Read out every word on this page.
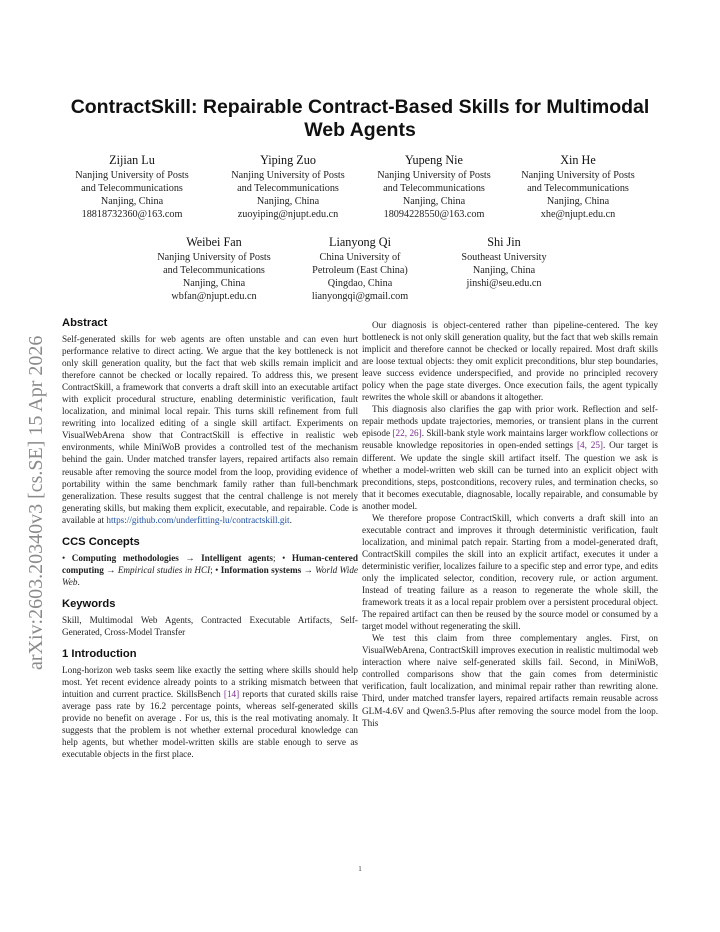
arXiv:2603.20340v3 [cs.SE] 15 Apr 2026
ContractSkill: Repairable Contract-Based Skills for Multimodal Web Agents
Zijian Lu
Nanjing University of Posts
and Telecommunications
Nanjing, China
18818732360@163.com
Yiping Zuo
Nanjing University of Posts
and Telecommunications
Nanjing, China
zuoyiping@njupt.edu.cn
Yupeng Nie
Nanjing University of Posts
and Telecommunications
Nanjing, China
18094228550@163.com
Xin He
Nanjing University of Posts
and Telecommunications
Nanjing, China
xhe@njupt.edu.cn
Weibei Fan
Nanjing University of Posts
and Telecommunications
Nanjing, China
wbfan@njupt.edu.cn
Lianyong Qi
China University of
Petroleum (East China)
Qingdao, China
lianyongqi@gmail.com
Shi Jin
Southeast University
Nanjing, China
jinshi@seu.edu.cn
Abstract

Self-generated skills for web agents are often unstable and can even hurt performance relative to direct acting. We argue that the key bottleneck is not only skill generation quality, but the fact that web skills remain implicit and therefore cannot be checked or locally repaired. To address this, we present ContractSkill, a framework that converts a draft skill into an executable artifact with explicit procedural structure, enabling deterministic verification, fault localization, and minimal local repair. This turns skill refinement from full rewriting into localized editing of a single skill artifact. Experiments on VisualWebArena show that ContractSkill is effective in realistic web environments, while MiniWoB provides a controlled test of the mechanism behind the gain. Under matched transfer layers, repaired artifacts also remain reusable after removing the source model from the loop, providing evidence of portability within the same benchmark family rather than full-benchmark generalization. These results suggest that the central challenge is not merely generating skills, but making them explicit, executable, and repairable. Code is available at https://github.com/underfitting-lu/contractskill.git.

CCS Concepts

• Computing methodologies → Intelligent agents; • Human-centered computing → Empirical studies in HCI; • Information systems → World Wide Web.

Keywords

Skill, Multimodal Web Agents, Contracted Executable Artifacts, Self-Generated, Cross-Model Transfer

1 Introduction

Long-horizon web tasks seem like exactly the setting where skills should help most. Yet recent evidence already points to a striking mismatch between that intuition and current practice. SkillsBench [14] reports that curated skills raise average pass rate by 16.2 percentage points, whereas self-generated skills provide no benefit on average . For us, this is the real motivating anomaly. It suggests that the problem is not whether external procedural knowledge can help agents, but whether model-written skills are stable enough to serve as executable objects in the first place.

Our diagnosis is object-centered rather than pipeline-centered. The key bottleneck is not only skill generation quality, but the fact that web skills remain implicit and therefore cannot be checked or locally repaired. Most draft skills are loose textual objects: they omit explicit preconditions, blur step boundaries, leave success evidence underspecified, and provide no principled recovery policy when the page state diverges. Once execution fails, the agent typically rewrites the whole skill or abandons it altogether.

This diagnosis also clarifies the gap with prior work. Reflection and self-repair methods update trajectories, memories, or transient plans in the current episode [22, 26]. Skill-bank style work maintains larger workflow collections or reusable knowledge repositories in open-ended settings [4, 25]. Our target is different. We update the single skill artifact itself. The question we ask is whether a model-written web skill can be turned into an explicit object with preconditions, steps, postconditions, recovery rules, and termination checks, so that it becomes executable, diagnosable, locally repairable, and consumable by another model.

We therefore propose ContractSkill, which converts a draft skill into an executable contract and improves it through deterministic verification, fault localization, and minimal patch repair. Starting from a model-generated draft, ContractSkill compiles the skill into an explicit artifact, executes it under a deterministic verifier, localizes failure to a specific step and error type, and edits only the implicated selector, condition, recovery rule, or action argument. Instead of treating failure as a reason to regenerate the whole skill, the framework treats it as a local repair problem over a persistent procedural object. The repaired artifact can then be reused by the source model or consumed by a target model without regenerating the skill.

We test this claim from three complementary angles. First, on VisualWebArena, ContractSkill improves execution in realistic multimodal web interaction where naive self-generated skills fail. Second, in MiniWoB, controlled comparisons show that the gain comes from deterministic verification, fault localization, and minimal repair rather than rewriting alone. Third, under matched transfer layers, repaired artifacts remain reusable across GLM-4.6V and Qwen3.5-Plus after removing the source model from the loop. This

1
